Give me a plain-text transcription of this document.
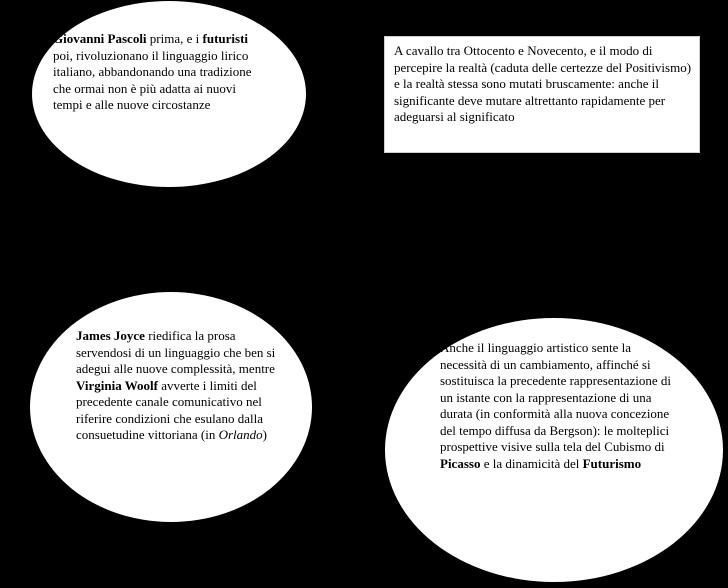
Giovanni Pascoli prima, e i futuristi poi, rivoluzionano il linguaggio lirico italiano, abbandonando una tradizione che ormai non è più adatta ai nuovi tempi e alle nuove circostanze
A cavallo tra Ottocento e Novecento, e il modo di percepire la realtà (caduta delle certezze del Positivismo) e la realtà stessa sono mutati bruscamente: anche il significante deve mutare altrettanto rapidamente per adeguarsi al significato
James Joyce riedifica la prosa servendosi di un linguaggio che ben si adegui alle nuove complessità, mentre Virginia Woolf avverte i limiti del precedente canale comunicativo nel riferire condizioni che esulano dalla consuetudine vittoriana (in Orlando)
Anche il linguaggio artistico sente la necessità di un cambiamento, affinché si sostituisca la precedente rappresentazione di un istante con la rappresentazione di una durata (in conformità alla nuova concezione del tempo diffusa da Bergson): le molteplici prospettive visive sulla tela del Cubismo di Picasso e la dinamicità del Futurismo
